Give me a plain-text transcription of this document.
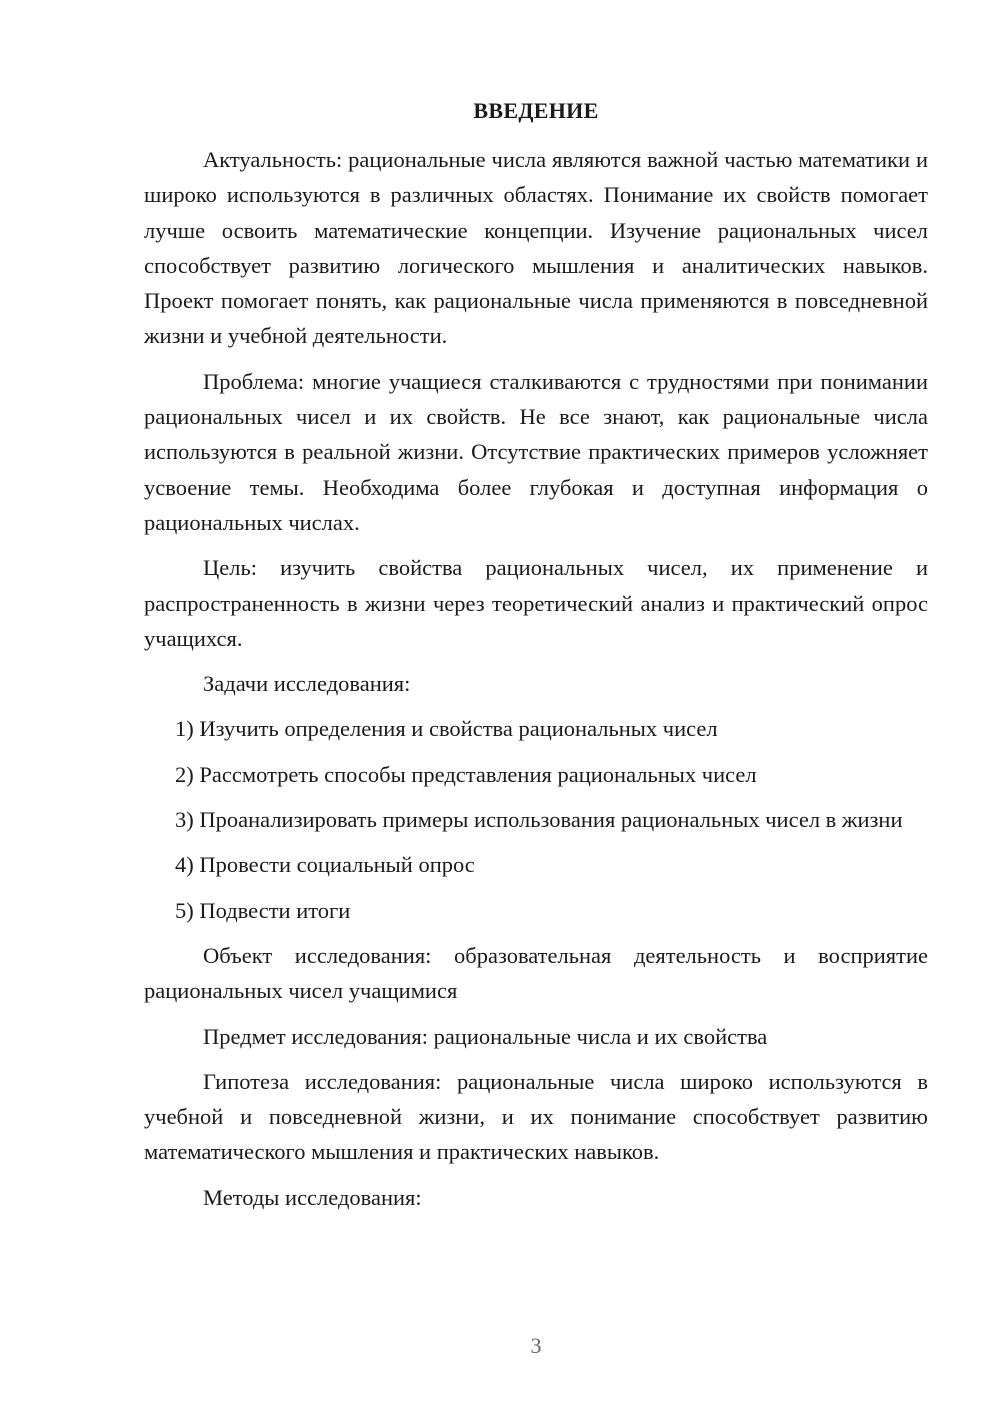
ВВЕДЕНИЕ

Актуальность: рациональные числа являются важной частью математики и широко используются в различных областях. Понимание их свойств помогает лучше освоить математические концепции. Изучение рациональных чисел способствует развитию логического мышления и аналитических навыков. Проект помогает понять, как рациональные числа применяются в повседневной жизни и учебной деятельности.

Проблема: многие учащиеся сталкиваются с трудностями при понимании рациональных чисел и их свойств. Не все знают, как рациональные числа используются в реальной жизни. Отсутствие практических примеров усложняет усвоение темы. Необходима более глубокая и доступная информация о рациональных числах.

Цель: изучить свойства рациональных чисел, их применение и распространенность в жизни через теоретический анализ и практический опрос учащихся.

Задачи исследования:

1) Изучить определения и свойства рациональных чисел

2) Рассмотреть способы представления рациональных чисел

3) Проанализировать примеры использования рациональных чисел в жизни

4) Провести социальный опрос

5) Подвести итоги

Объект исследования: образовательная деятельность и восприятие рациональных чисел учащимися

Предмет исследования: рациональные числа и их свойства

Гипотеза исследования: рациональные числа широко используются в учебной и повседневной жизни, и их понимание способствует развитию математического мышления и практических навыков.

Методы исследования:

3
